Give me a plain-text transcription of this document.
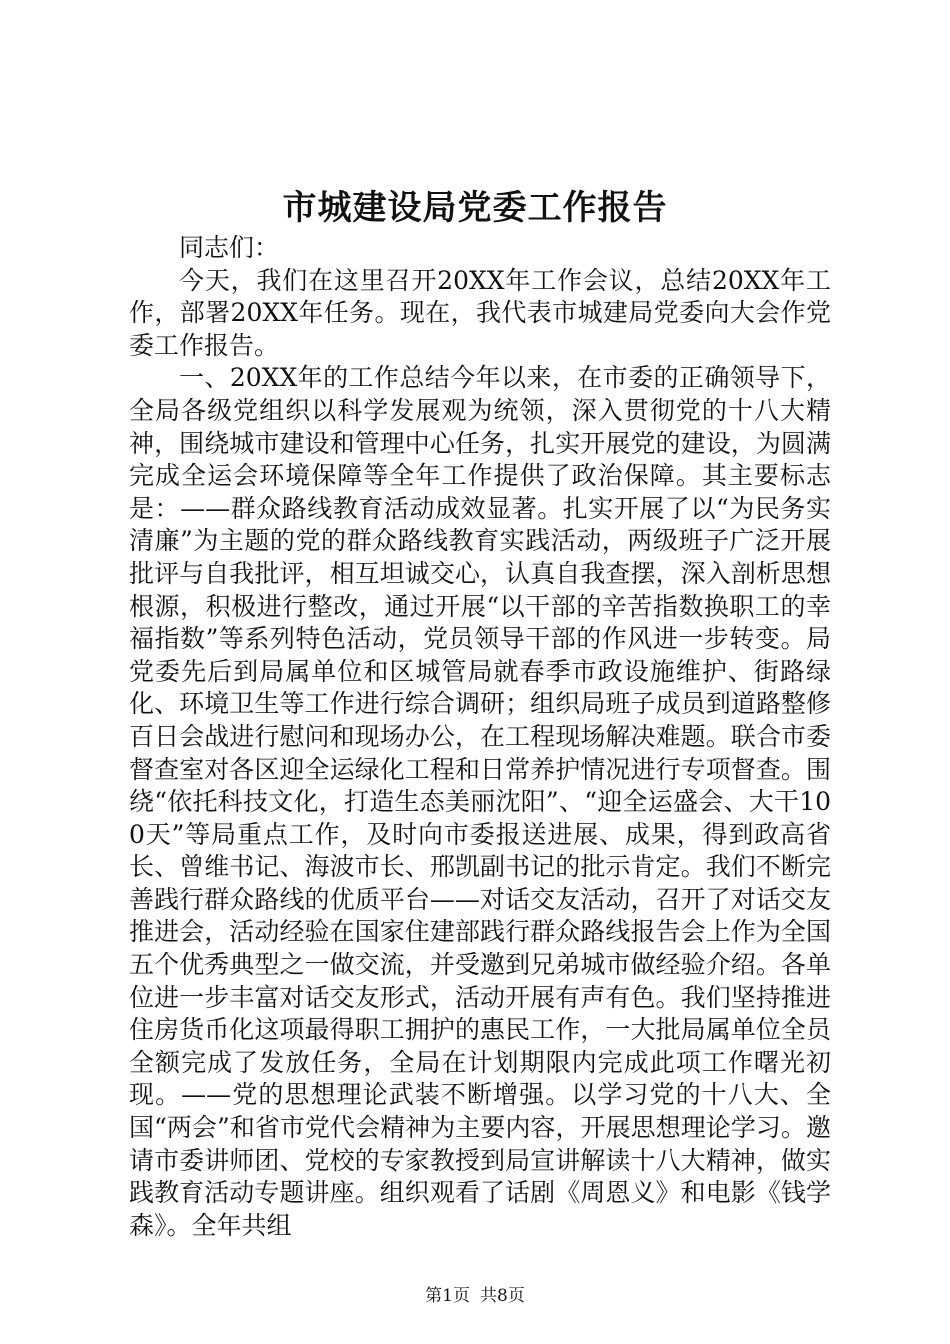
市城建设局党委工作报告

同志们：

今天，我们在这里召开20XX年工作会议，总结20XX年工作，部署20XX年任务。现在，我代表市城建局党委向大会作党委工作报告。

一、20XX年的工作总结今年以来，在市委的正确领导下，全局各级党组织以科学发展观为统领，深入贯彻党的十八大精神，围绕城市建设和管理中心任务，扎实开展党的建设，为圆满完成全运会环境保障等全年工作提供了政治保障。其主要标志是：——群众路线教育活动成效显著。扎实开展了以“为民务实清廉”为主题的党的群众路线教育实践活动，两级班子广泛开展批评与自我批评，相互坦诚交心，认真自我查摆，深入剖析思想根源，积极进行整改，通过开展“以干部的辛苦指数换职工的幸福指数”等系列特色活动，党员领导干部的作风进一步转变。局党委先后到局属单位和区城管局就春季市政设施维护、街路绿化、环境卫生等工作进行综合调研；组织局班子成员到道路整修百日会战进行慰问和现场办公，在工程现场解决难题。联合市委督查室对各区迎全运绿化工程和日常养护情况进行专项督查。围绕“依托科技文化，打造生态美丽沈阳”、“迎全运盛会、大干100天”等局重点工作，及时向市委报送进展、成果，得到政高省长、曾维书记、海波市长、邢凯副书记的批示肯定。我们不断完善践行群众路线的优质平台——对话交友活动，召开了对话交友推进会，活动经验在国家住建部践行群众路线报告会上作为全国五个优秀典型之一做交流，并受邀到兄弟城市做经验介绍。各单位进一步丰富对话交友形式，活动开展有声有色。我们坚持推进住房货币化这项最得职工拥护的惠民工作，一大批局属单位全员全额完成了发放任务，全局在计划期限内完成此项工作曙光初现。——党的思想理论武装不断增强。以学习党的十八大、全国“两会”和省市党代会精神为主要内容，开展思想理论学习。邀请市委讲师团、党校的专家教授到局宣讲解读十八大精神，做实践教育活动专题讲座。组织观看了话剧《周恩义》和电影《钱学森》。全年共组

第1页 共8页
